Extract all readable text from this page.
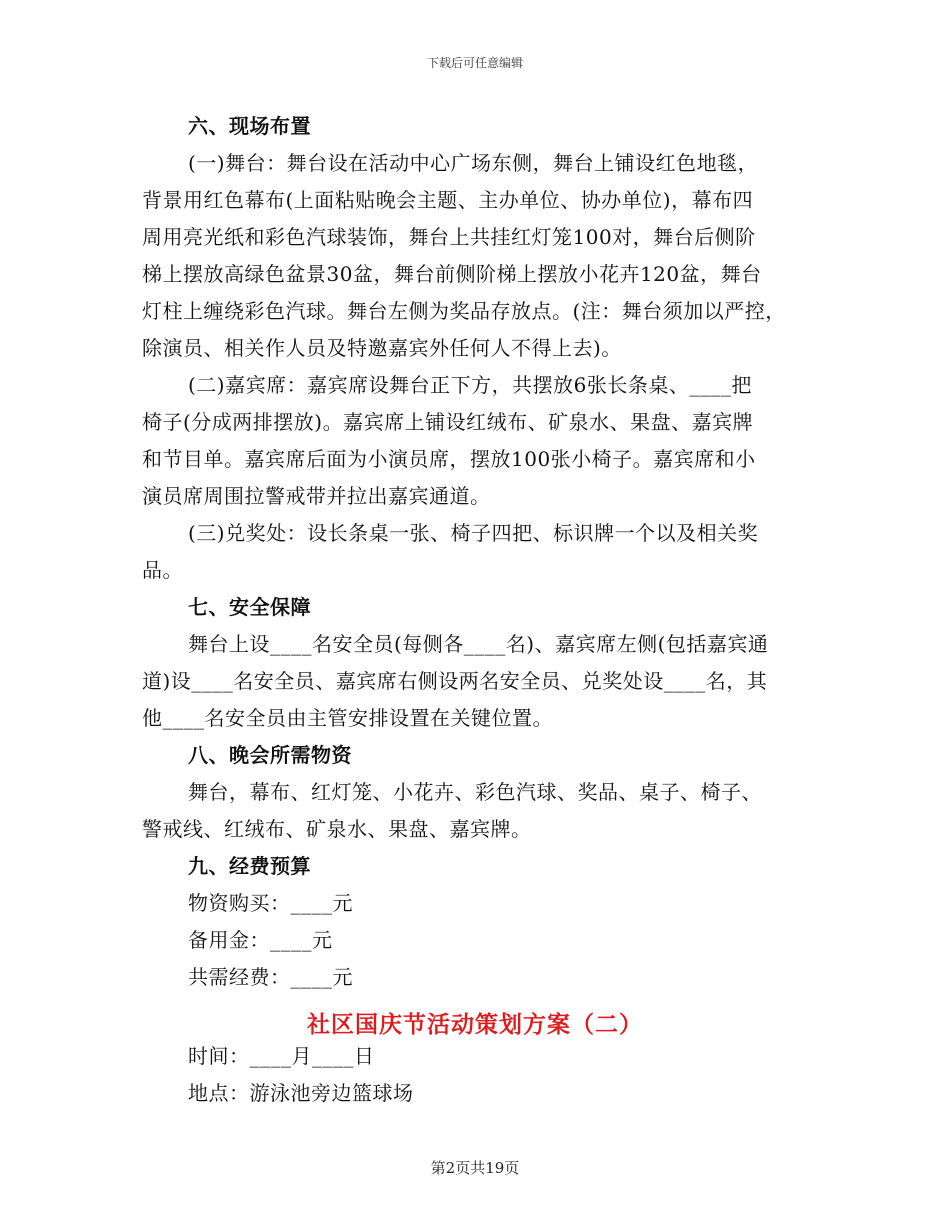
下载后可任意编辑
六、现场布置
(一)舞台：舞台设在活动中心广场东侧，舞台上铺设红色地毯，
背景用红色幕布(上面粘贴晚会主题、主办单位、协办单位)，幕布四
周用亮光纸和彩色汽球装饰，舞台上共挂红灯笼100对，舞台后侧阶
梯上摆放高绿色盆景30盆，舞台前侧阶梯上摆放小花卉120盆，舞台
灯柱上缠绕彩色汽球。舞台左侧为奖品存放点。(注：舞台须加以严控，
除演员、相关作人员及特邀嘉宾外任何人不得上去)。
(二)嘉宾席：嘉宾席设舞台正下方，共摆放6张长条桌、____把
椅子(分成两排摆放)。嘉宾席上铺设红绒布、矿泉水、果盘、嘉宾牌
和节目单。嘉宾席后面为小演员席，摆放100张小椅子。嘉宾席和小
演员席周围拉警戒带并拉出嘉宾通道。
(三)兑奖处：设长条桌一张、椅子四把、标识牌一个以及相关奖
品。
七、安全保障
舞台上设____名安全员(每侧各____名)、嘉宾席左侧(包括嘉宾通
道)设____名安全员、嘉宾席右侧设两名安全员、兑奖处设____名，其
他____名安全员由主管安排设置在关键位置。
八、晚会所需物资
舞台，幕布、红灯笼、小花卉、彩色汽球、奖品、桌子、椅子、
警戒线、红绒布、矿泉水、果盘、嘉宾牌。
九、经费预算
物资购买：____元
备用金：____元
共需经费：____元
社区国庆节活动策划方案（二）
时间：____月____日
地点：游泳池旁边篮球场
第2页共19页
